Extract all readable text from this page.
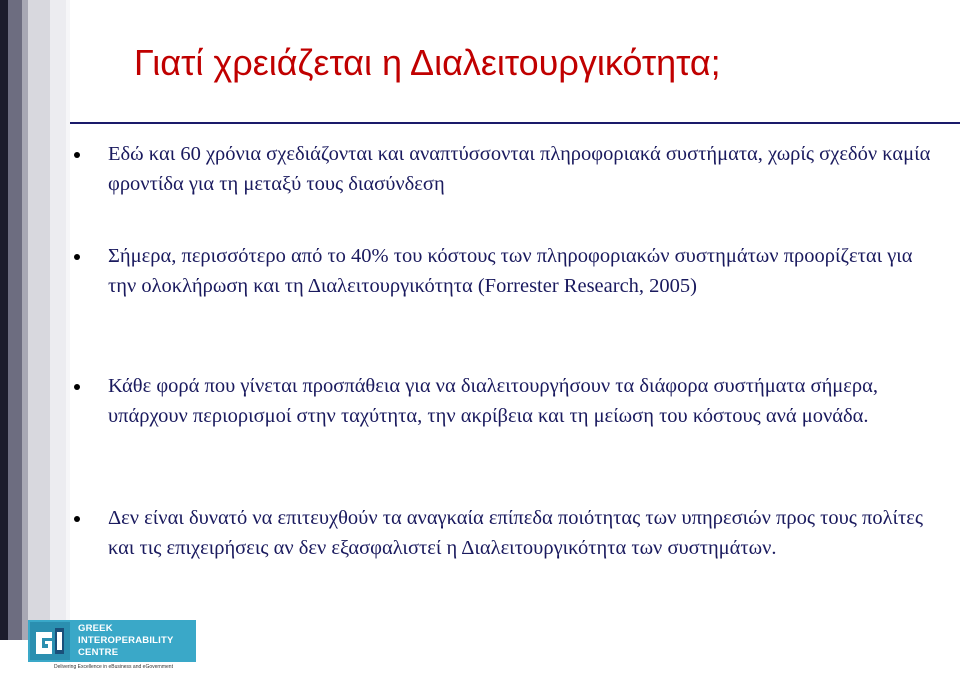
Γιατί χρειάζεται η Διαλειτουργικότητα;
Εδώ και 60 χρόνια σχεδιάζονται και αναπτύσσονται πληροφοριακά συστήματα, χωρίς σχεδόν καμία φροντίδα για τη μεταξύ τους διασύνδεση
Σήμερα, περισσότερο από το 40% του κόστους των πληροφοριακών συστημάτων προορίζεται για την ολοκλήρωση και τη Διαλειτουργικότητα (Forrester Research, 2005)
Κάθε φορά που γίνεται προσπάθεια για να διαλειτουργήσουν τα διάφορα συστήματα σήμερα, υπάρχουν περιορισμοί στην ταχύτητα, την ακρίβεια και τη μείωση του κόστους ανά μονάδα.
Δεν είναι δυνατό να επιτευχθούν τα αναγκαία επίπεδα ποιότητας των υπηρεσιών προς τους πολίτες και τις επιχειρήσεις αν δεν εξασφαλιστεί η Διαλειτουργικότητα των συστημάτων.
GREEK
INTEROPERABILITY
CENTRE
Delivering Excellence in eBusiness and eGovernment
